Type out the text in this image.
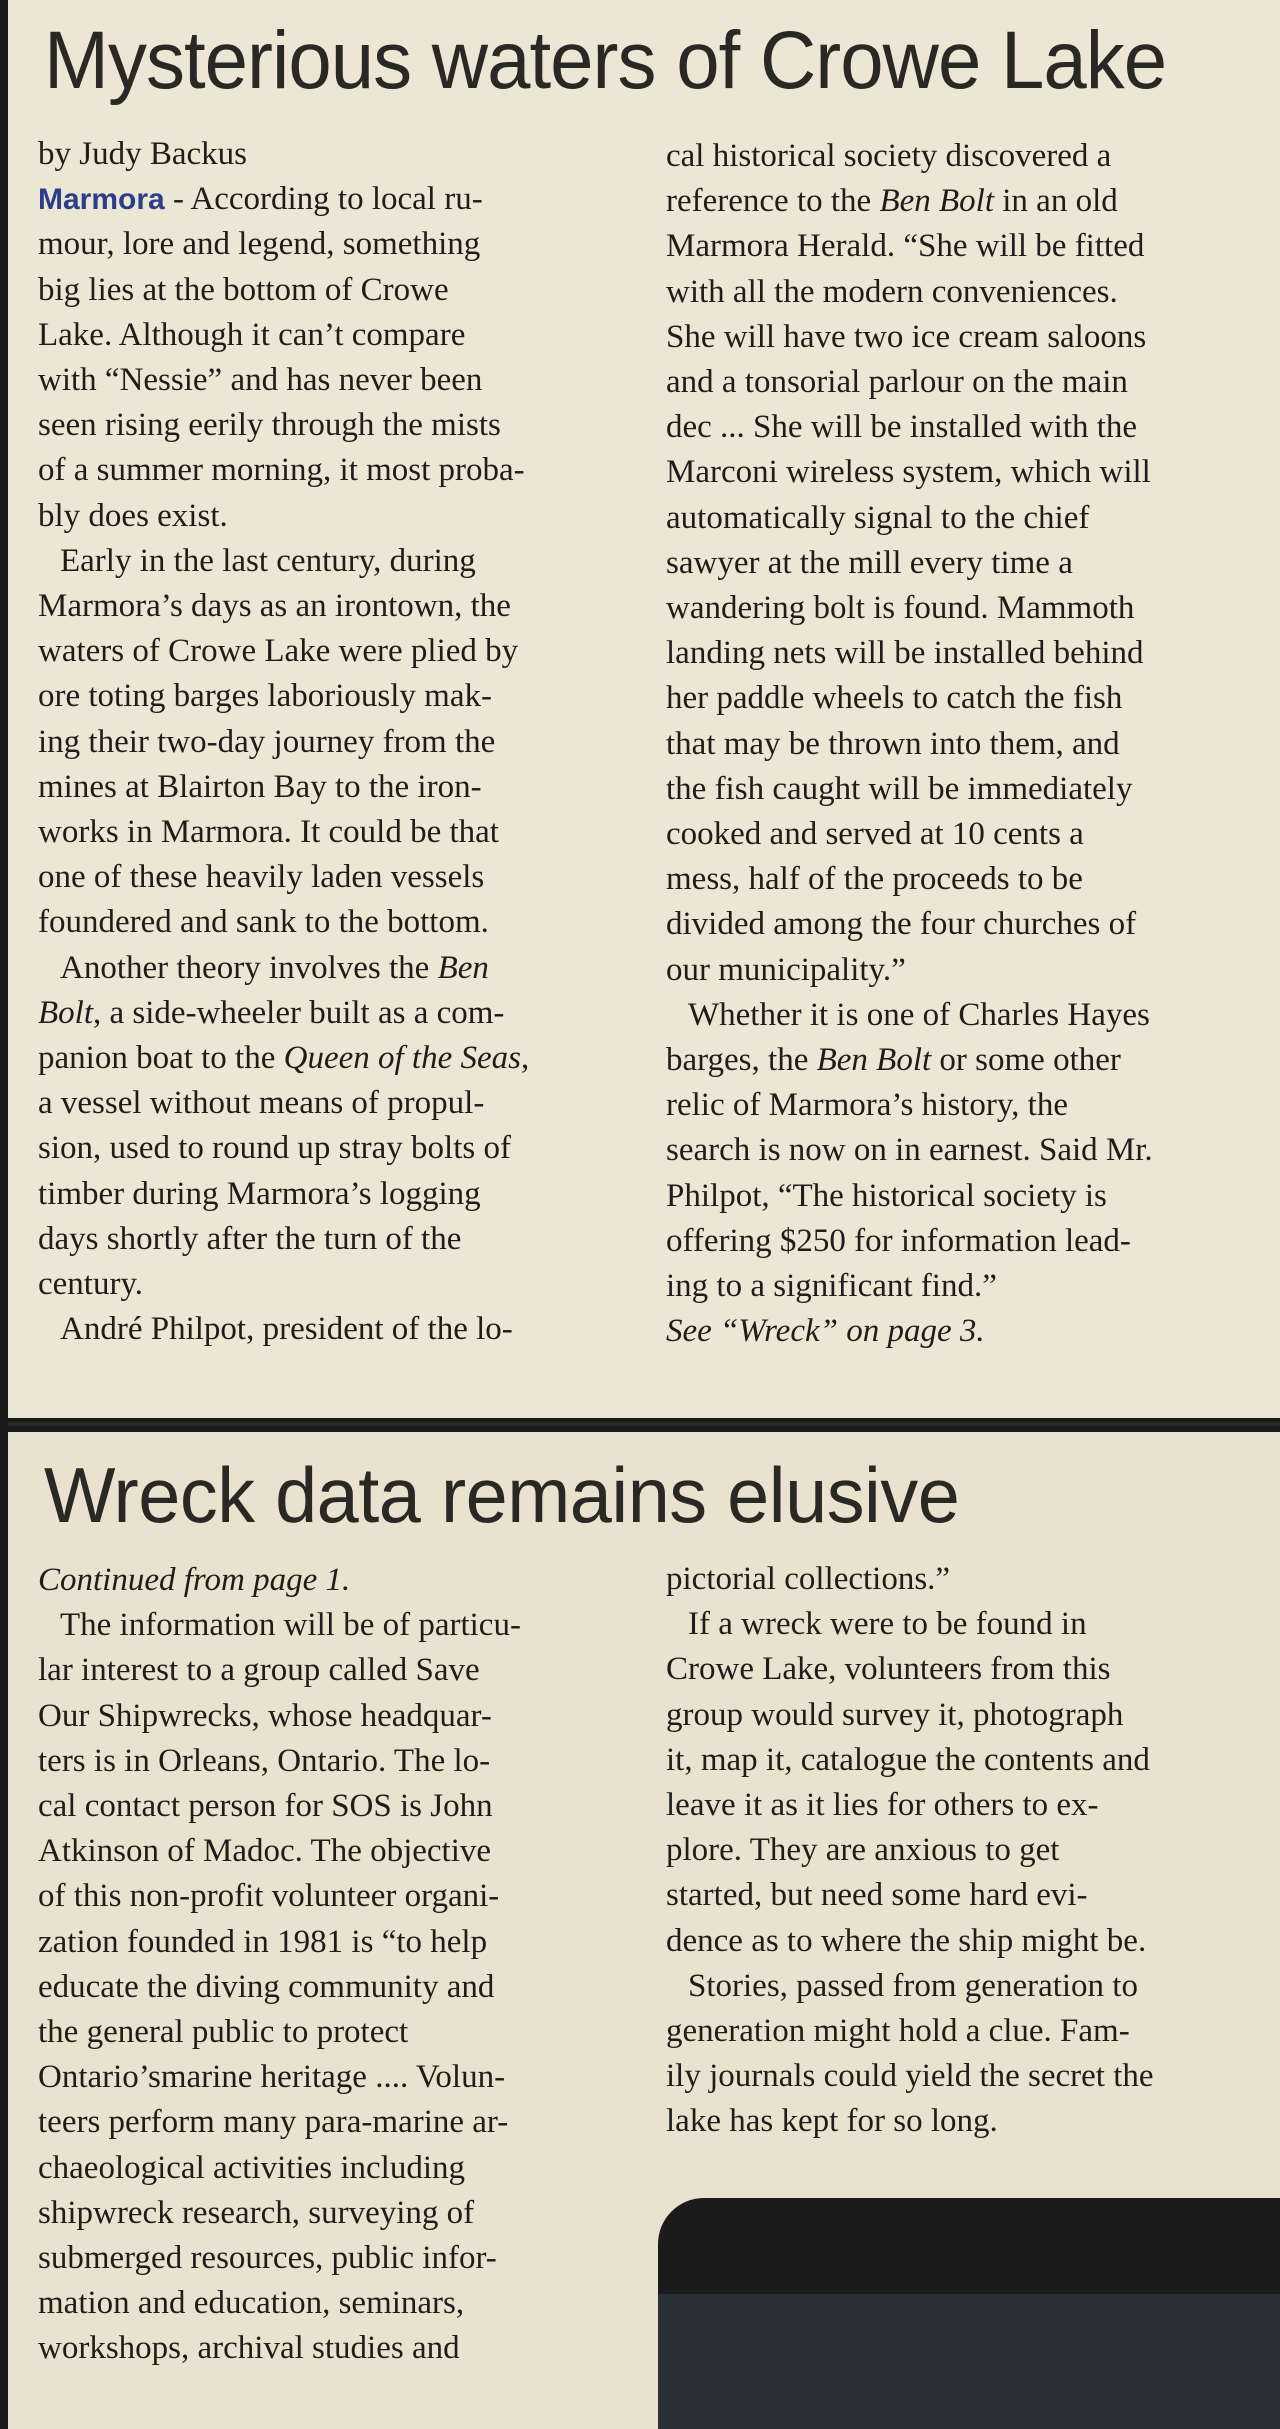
Mysterious waters of Crowe Lake
by Judy Backus
Marmora - According to local ru-
mour, lore and legend, something
big lies at the bottom of Crowe
Lake. Although it can’t compare
with “Nessie” and has never been
seen rising eerily through the mists
of a summer morning, it most proba-
bly does exist.
Early in the last century, during
Marmora’s days as an irontown, the
waters of Crowe Lake were plied by
ore toting barges laboriously mak-
ing their two-day journey from the
mines at Blairton Bay to the iron-
works in Marmora. It could be that
one of these heavily laden vessels
foundered and sank to the bottom.
Another theory involves the Ben
Bolt, a side-wheeler built as a com-
panion boat to the Queen of the Seas,
a vessel without means of propul-
sion, used to round up stray bolts of
timber during Marmora’s logging
days shortly after the turn of the
century.
André Philpot, president of the lo-
cal historical society discovered a
reference to the Ben Bolt in an old
Marmora Herald. “She will be fitted
with all the modern conveniences.
She will have two ice cream saloons
and a tonsorial parlour on the main
dec ... She will be installed with the
Marconi wireless system, which will
automatically signal to the chief
sawyer at the mill every time a
wandering bolt is found. Mammoth
landing nets will be installed behind
her paddle wheels to catch the fish
that may be thrown into them, and
the fish caught will be immediately
cooked and served at 10 cents a
mess, half of the proceeds to be
divided among the four churches of
our municipality.”
Whether it is one of Charles Hayes
barges, the Ben Bolt or some other
relic of Marmora’s history, the
search is now on in earnest. Said Mr.
Philpot, “The historical society is
offering $250 for information lead-
ing to a significant find.”
See “Wreck” on page 3.
Wreck data remains elusive
Continued from page 1.
The information will be of particu-
lar interest to a group called Save
Our Shipwrecks, whose headquar-
ters is in Orleans, Ontario. The lo-
cal contact person for SOS is John
Atkinson of Madoc. The objective
of this non-profit volunteer organi-
zation founded in 1981 is “to help
educate the diving community and
the general public to protect
Ontario’smarine heritage .... Volun-
teers perform many para-marine ar-
chaeological activities including
shipwreck research, surveying of
submerged resources, public infor-
mation and education, seminars,
workshops, archival studies and
pictorial collections.”
If a wreck were to be found in
Crowe Lake, volunteers from this
group would survey it, photograph
it, map it, catalogue the contents and
leave it as it lies for others to ex-
plore. They are anxious to get
started, but need some hard evi-
dence as to where the ship might be.
Stories, passed from generation to
generation might hold a clue. Fam-
ily journals could yield the secret the
lake has kept for so long.
